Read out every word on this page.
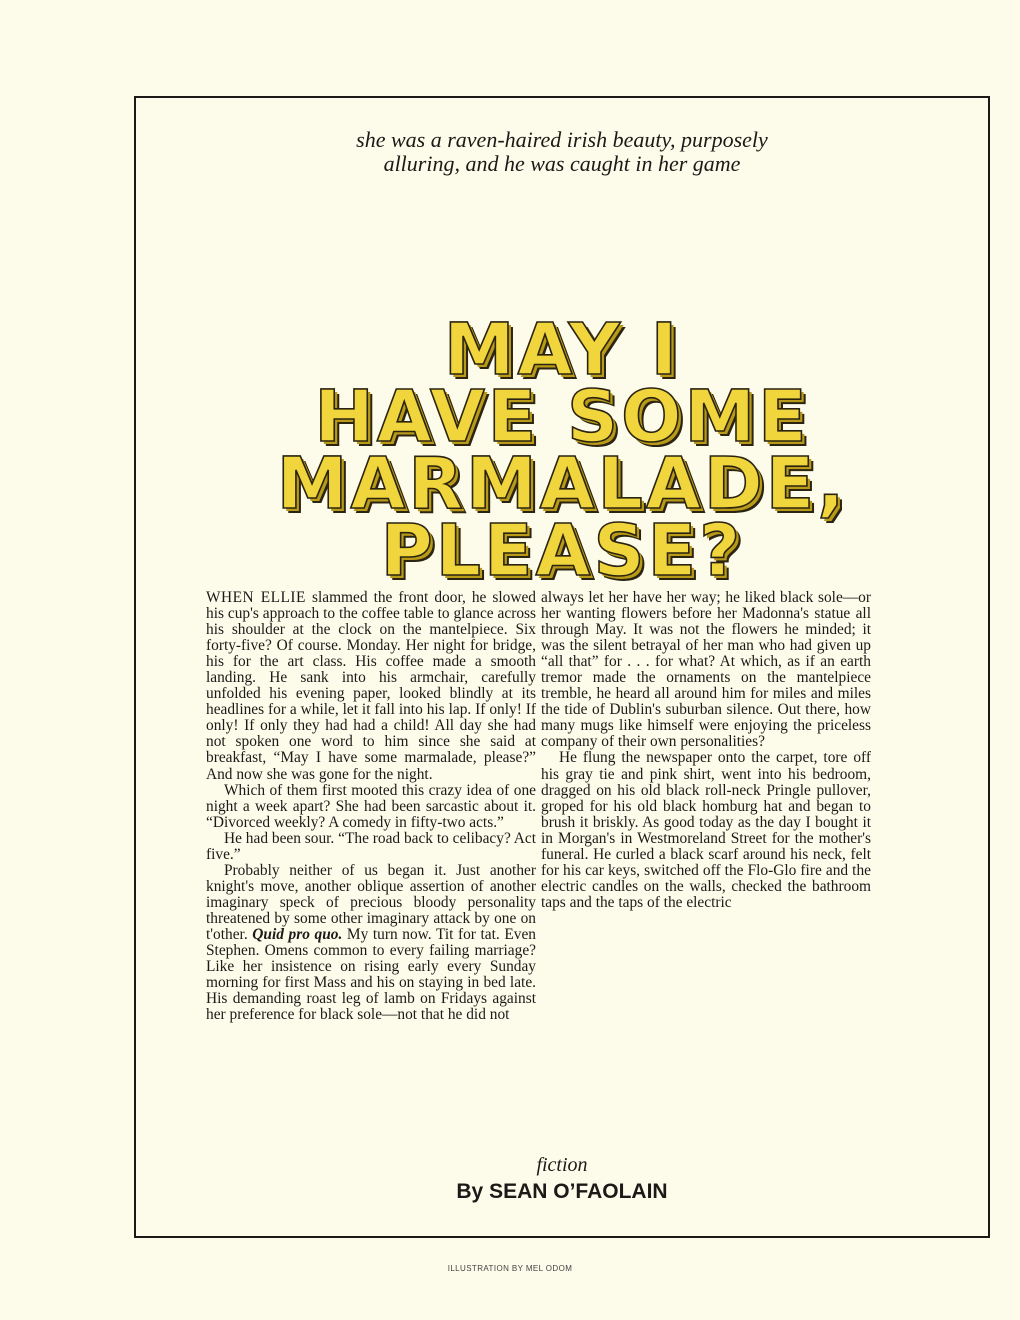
she was a raven-haired irish beauty, purposely
alluring, and he was caught in her game
MAY I
HAVE SOME
MARMALADE,
PLEASE?

WHEN ELLIE slammed the front door, he slowed his cup's approach to the coffee table to glance across his shoulder at the clock on the mantelpiece. Six forty-five? Of course. Monday. Her night for bridge, his for the art class. His coffee made a smooth landing. He sank into his armchair, carefully unfolded his evening paper, looked blindly at its headlines for a while, let it fall into his lap. If only! If only! If only they had had a child! All day she had not spoken one word to him since she said at breakfast, “May I have some marmalade, please?” And now she was gone for the night.

Which of them first mooted this crazy idea of one night a week apart? She had been sarcastic about it. “Divorced weekly? A comedy in fifty-two acts.”

He had been sour. “The road back to celibacy? Act five.”

Probably neither of us began it. Just another knight's move, another oblique assertion of another imaginary speck of precious bloody personality threatened by some other imaginary attack by one on t'other. Quid pro quo. My turn now. Tit for tat. Even Stephen. Omens common to every failing marriage? Like her insistence on rising early every Sunday morning for first Mass and his on staying in bed late. His demanding roast leg of lamb on Fridays against her preference for black sole—not that he did not

always let her have her way; he liked black sole—or her wanting flowers before her Madonna's statue all through May. It was not the flowers he minded; it was the silent betrayal of her man who had given up “all that” for . . . for what? At which, as if an earth tremor made the ornaments on the mantelpiece tremble, he heard all around him for miles and miles the tide of Dublin's suburban silence. Out there, how many mugs like himself were enjoying the priceless company of their own personalities?

He flung the newspaper onto the carpet, tore off his gray tie and pink shirt, went into his bedroom, dragged on his old black roll-neck Pringle pullover, groped for his old black homburg hat and began to brush it briskly. As good today as the day I bought it in Morgan's in Westmoreland Street for the mother's funeral. He curled a black scarf around his neck, felt for his car keys, switched off the Flo-Glo fire and the electric candles on the walls, checked the bathroom taps and the taps of the electric

fiction
By SEAN O’FAOLAIN
ILLUSTRATION BY MEL ODOM
